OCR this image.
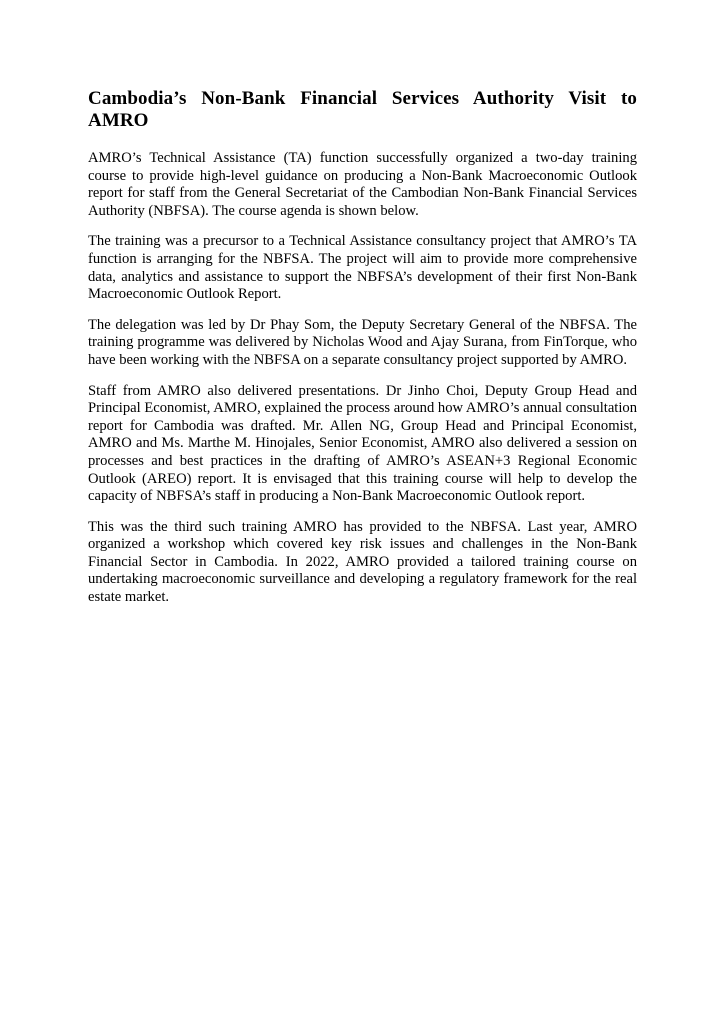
Cambodia’s Non-Bank Financial Services Authority Visit to
AMRO

AMRO’s Technical Assistance (TA) function successfully organized a two-day training course to provide high-level guidance on producing a Non-Bank Macroeconomic Outlook report for staff from the General Secretariat of the Cambodian Non-Bank Financial Services Authority (NBFSA). The course agenda is shown below.

The training was a precursor to a Technical Assistance consultancy project that AMRO’s TA function is arranging for the NBFSA. The project will aim to provide more comprehensive data, analytics and assistance to support the NBFSA’s development of their first Non-Bank Macroeconomic Outlook Report.

The delegation was led by Dr Phay Som, the Deputy Secretary General of the NBFSA. The training programme was delivered by Nicholas Wood and Ajay Surana, from FinTorque, who have been working with the NBFSA on a separate consultancy project supported by AMRO.

Staff from AMRO also delivered presentations. Dr Jinho Choi, Deputy Group Head and Principal Economist, AMRO, explained the process around how AMRO’s annual consultation report for Cambodia was drafted. Mr. Allen NG, Group Head and Principal Economist, AMRO and Ms. Marthe M. Hinojales, Senior Economist, AMRO also delivered a session on processes and best practices in the drafting of AMRO’s ASEAN+3 Regional Economic Outlook (AREO) report. It is envisaged that this training course will help to develop the capacity of NBFSA’s staff in producing a Non-Bank Macroeconomic Outlook report.

This was the third such training AMRO has provided to the NBFSA. Last year, AMRO organized a workshop which covered key risk issues and challenges in the Non-Bank Financial Sector in Cambodia. In 2022, AMRO provided a tailored training course on undertaking macroeconomic surveillance and developing a regulatory framework for the real estate market.
